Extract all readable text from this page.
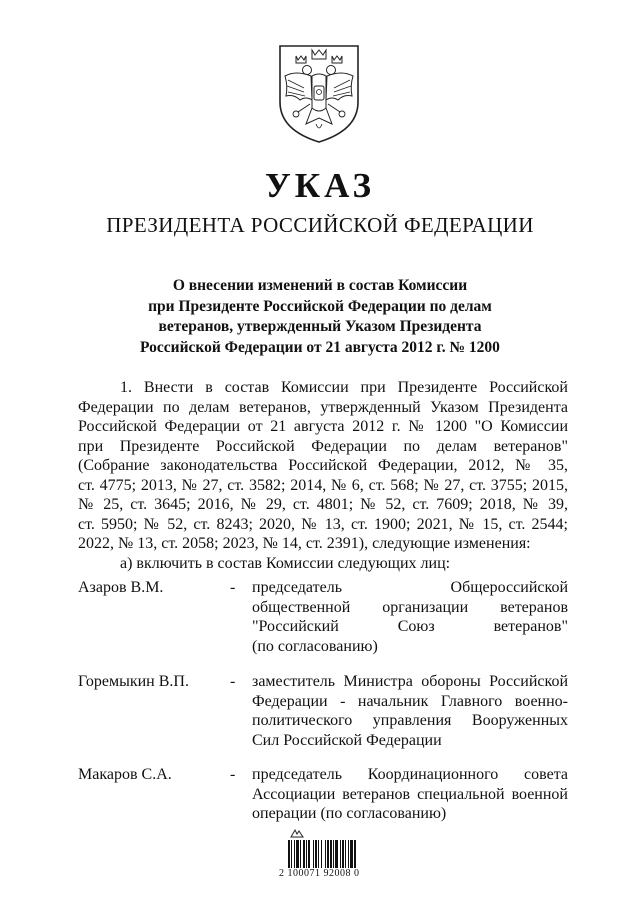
УКАЗ
ПРЕЗИДЕНТА РОССИЙСКОЙ ФЕДЕРАЦИИ
О внесении изменений в состав Комиссии
при Президенте Российской Федерации по делам
ветеранов, утвержденный Указом Президента
Российской Федерации от 21 августа 2012 г. № 1200
1. Внести в состав Комиссии при Президенте Российской
Федерации по делам ветеранов, утвержденный Указом Президента
Российской Федерации от 21 августа 2012 г. № 1200 "О Комиссии
при Президенте Российской Федерации по делам ветеранов"
(Собрание законодательства Российской Федерации, 2012, № 35,
ст. 4775; 2013, № 27, ст. 3582; 2014, № 6, ст. 568; № 27, ст. 3755; 2015,
№ 25, ст. 3645; 2016, № 29, ст. 4801; № 52, ст. 7609; 2018, № 39,
ст. 5950; № 52, ст. 8243; 2020, № 13, ст. 1900; 2021, № 15, ст. 2544;
2022, № 13, ст. 2058; 2023, № 14, ст. 2391), следующие изменения:
а) включить в состав Комиссии следующих лиц:
Азаров В.М.	- председатель Общероссийской
общественной организации ветеранов
"Российский Союз ветеранов"
(по согласованию)
Горемыкин В.П.	- заместитель Министра обороны Российской
Федерации - начальник Главного военно-
политического управления Вооруженных
Сил Российской Федерации
Макаров С.А.	- председатель Координационного совета
Ассоциации ветеранов специальной военной
операции (по согласованию)
2 100071 92008 0
